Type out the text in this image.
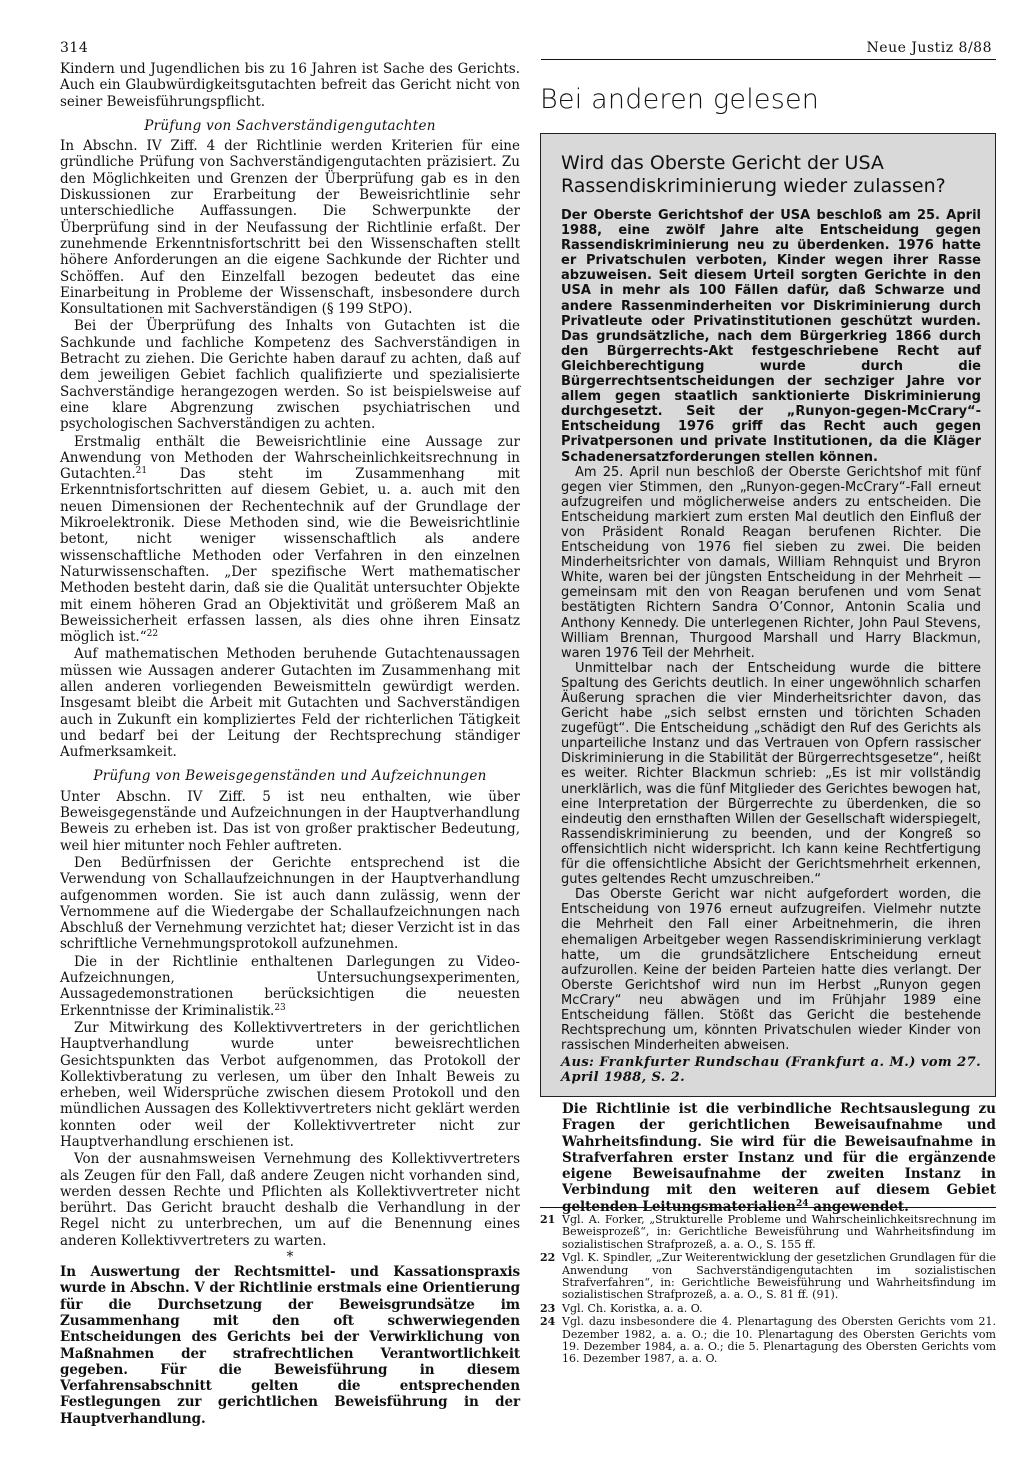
314	Neue Justiz 8/88

Kindern und Jugendlichen bis zu 16 Jahren ist Sache des Gerichts. Auch ein Glaubwürdigkeitsgutachten befreit das Gericht nicht von seiner Beweisführungspflicht.

Prüfung von Sachverständigengutachten

In Abschn. IV Ziff. 4 der Richtlinie werden Kriterien für eine gründliche Prüfung von Sachverständigengutachten präzisiert. Zu den Möglichkeiten und Grenzen der Überprüfung gab es in den Diskussionen zur Erarbeitung der Beweisrichtlinie sehr unterschiedliche Auffassungen. Die Schwerpunkte der Überprüfung sind in der Neufassung der Richtlinie erfaßt. Der zunehmende Erkenntnisfortschritt bei den Wissenschaften stellt höhere Anforderungen an die eigene Sachkunde der Richter und Schöffen. Auf den Einzelfall bezogen bedeutet das eine Einarbeitung in Probleme der Wissenschaft, insbesondere durch Konsultationen mit Sachverständigen (§ 199 StPO).

Bei der Überprüfung des Inhalts von Gutachten ist die Sachkunde und fachliche Kompetenz des Sachverständigen in Betracht zu ziehen. Die Gerichte haben darauf zu achten, daß auf dem jeweiligen Gebiet fachlich qualifizierte und spezialisierte Sachverständige herangezogen werden. So ist beispielsweise auf eine klare Abgrenzung zwischen psychiatrischen und psychologischen Sachverständigen zu achten.

Erstmalig enthält die Beweisrichtlinie eine Aussage zur Anwendung von Methoden der Wahrscheinlichkeitsrechnung in Gutachten.$^{21}$ Das steht im Zusammenhang mit Erkenntnisfortschritten auf diesem Gebiet, u. a. auch mit den neuen Dimensionen der Rechentechnik auf der Grundlage der Mikroelektronik. Diese Methoden sind, wie die Beweisrichtlinie betont, nicht weniger wissenschaftlich als andere wissenschaftliche Methoden oder Verfahren in den einzelnen Naturwissenschaften. „Der spezifische Wert mathematischer Methoden besteht darin, daß sie die Qualität untersuchter Objekte mit einem höheren Grad an Objektivität und größerem Maß an Beweissicherheit erfassen lassen, als dies ohne ihren Einsatz möglich ist.“$^{22}$

Auf mathematischen Methoden beruhende Gutachtenaussagen müssen wie Aussagen anderer Gutachten im Zusammenhang mit allen anderen vorliegenden Beweismitteln gewürdigt werden. Insgesamt bleibt die Arbeit mit Gutachten und Sachverständigen auch in Zukunft ein kompliziertes Feld der richterlichen Tätigkeit und bedarf bei der Leitung der Rechtsprechung ständiger Aufmerksamkeit.

Prüfung von Beweisgegenständen und Aufzeichnungen

Unter Abschn. IV Ziff. 5 ist neu enthalten, wie über Beweisgegenstände und Aufzeichnungen in der Hauptverhandlung Beweis zu erheben ist. Das ist von großer praktischer Bedeutung, weil hier mitunter noch Fehler auftreten.

Den Bedürfnissen der Gerichte entsprechend ist die Verwendung von Schallaufzeichnungen in der Hauptverhandlung aufgenommen worden. Sie ist auch dann zulässig, wenn der Vernommene auf die Wiedergabe der Schallaufzeichnungen nach Abschluß der Vernehmung verzichtet hat; dieser Verzicht ist in das schriftliche Vernehmungsprotokoll aufzunehmen.

Die in der Richtlinie enthaltenen Darlegungen zu Video-Aufzeichnungen, Untersuchungsexperimenten, Aussagedemonstrationen berücksichtigen die neuesten Erkenntnisse der Kriminalistik.$^{23}$

Zur Mitwirkung des Kollektivvertreters in der gerichtlichen Hauptverhandlung wurde unter beweisrechtlichen Gesichtspunkten das Verbot aufgenommen, das Protokoll der Kollektivberatung zu verlesen, um über den Inhalt Beweis zu erheben, weil Widersprüche zwischen diesem Protokoll und den mündlichen Aussagen des Kollektivvertreters nicht geklärt werden konnten oder weil der Kollektivvertreter nicht zur Hauptverhandlung erschienen ist.

Von der ausnahmsweisen Vernehmung des Kollektivvertreters als Zeugen für den Fall, daß andere Zeugen nicht vorhanden sind, werden dessen Rechte und Pflichten als Kollektivvertreter nicht berührt. Das Gericht braucht deshalb die Verhandlung in der Regel nicht zu unterbrechen, um auf die Benennung eines anderen Kollektivvertreters zu warten.

*

In Auswertung der Rechtsmittel- und Kassationspraxis wurde in Abschn. V der Richtlinie erstmals eine Orientierung für die Durchsetzung der Beweisgrundsätze im Zusammenhang mit den oft schwerwiegenden Entscheidungen des Gerichts bei der Verwirklichung von Maßnahmen der strafrechtlichen Verantwortlichkeit gegeben. Für die Beweisführung in diesem Verfahrensabschnitt gelten die entsprechenden Festlegungen zur gerichtlichen Beweisführung in der Hauptverhandlung.

Bei anderen gelesen
Wird das Oberste Gericht der USA
Rassendiskriminierung wieder zulassen?

Der Oberste Gerichtshof der USA beschloß am 25. April 1988, eine zwölf Jahre alte Entscheidung gegen Rassendiskriminierung neu zu überdenken. 1976 hatte er Privatschulen verboten, Kinder wegen ihrer Rasse abzuweisen. Seit diesem Urteil sorgten Gerichte in den USA in mehr als 100 Fällen dafür, daß Schwarze und andere Rassenminderheiten vor Diskriminierung durch Privatleute oder Privatinstitutionen geschützt wurden. Das grundsätzliche, nach dem Bürgerkrieg 1866 durch den Bürgerrechts-Akt festgeschriebene Recht auf Gleichberechtigung wurde durch die Bürgerrechtsentscheidungen der sechziger Jahre vor allem gegen staatlich sanktionierte Diskriminierung durchgesetzt. Seit der „Runyon-gegen-McCrary“-Entscheidung 1976 griff das Recht auch gegen Privatpersonen und private Institutionen, da die Kläger Schadenersatzforderungen stellen können.

Am 25. April nun beschloß der Oberste Gerichtshof mit fünf gegen vier Stimmen, den „Runyon-gegen-McCrary“-Fall erneut aufzugreifen und möglicherweise anders zu entscheiden. Die Entscheidung markiert zum ersten Mal deutlich den Einfluß der von Präsident Ronald Reagan berufenen Richter. Die Entscheidung von 1976 fiel sieben zu zwei. Die beiden Minderheitsrichter von damals, William Rehnquist und Bryron White, waren bei der jüngsten Entscheidung in der Mehrheit — gemeinsam mit den von Reagan berufenen und vom Senat bestätigten Richtern Sandra O’Connor, Antonin Scalia und Anthony Kennedy. Die unterlegenen Richter, John Paul Stevens, William Brennan, Thurgood Marshall und Harry Blackmun, waren 1976 Teil der Mehrheit.

Unmittelbar nach der Entscheidung wurde die bittere Spaltung des Gerichts deutlich. In einer ungewöhnlich scharfen Äußerung sprachen die vier Minderheitsrichter davon, das Gericht habe „sich selbst ernsten und törichten Schaden zugefügt“. Die Entscheidung „schädigt den Ruf des Gerichts als unparteiliche Instanz und das Vertrauen von Opfern rassischer Diskriminierung in die Stabilität der Bürgerrechtsgesetze“, heißt es weiter. Richter Blackmun schrieb: „Es ist mir vollständig unerklärlich, was die fünf Mitglieder des Gerichtes bewogen hat, eine Interpretation der Bürgerrechte zu überdenken, die so eindeutig den ernsthaften Willen der Gesellschaft widerspiegelt, Rassendiskriminierung zu beenden, und der Kongreß so offensichtlich nicht widerspricht. Ich kann keine Rechtfertigung für die offensichtliche Absicht der Gerichtsmehrheit erkennen, gutes geltendes Recht umzuschreiben.“

Das Oberste Gericht war nicht aufgefordert worden, die Entscheidung von 1976 erneut aufzugreifen. Vielmehr nutzte die Mehrheit den Fall einer Arbeitnehmerin, die ihren ehemaligen Arbeitgeber wegen Rassendiskriminierung verklagt hatte, um die grundsätzlichere Entscheidung erneut aufzurollen. Keine der beiden Parteien hatte dies verlangt. Der Oberste Gerichtshof wird nun im Herbst „Runyon gegen McCrary“ neu abwägen und im Frühjahr 1989 eine Entscheidung fällen. Stößt das Gericht die bestehende Rechtsprechung um, könnten Privatschulen wieder Kinder von rassischen Minderheiten abweisen.

Aus: Frankfurter Rundschau (Frankfurt a. M.) vom 27. April 1988, S. 2.

Die Richtlinie ist die verbindliche Rechtsauslegung zu Fragen der gerichtlichen Beweisaufnahme und Wahrheitsfindung. Sie wird für die Beweisaufnahme in Strafverfahren erster Instanz und für die ergänzende eigene Beweisaufnahme der zweiten Instanz in Verbindung mit den weiteren auf diesem Gebiet geltenden Leitungsmaterialien$^{24}$ angewendet.

21 Vgl. A. Forker, „Strukturelle Probleme und Wahrscheinlichkeitsrechnung im Beweisprozeß“, in: Gerichtliche Beweisführung und Wahrheitsfindung im sozialistischen Strafprozeß, a. a. O., S. 155 ff.
22 Vgl. K. Spindler, „Zur Weiterentwicklung der gesetzlichen Grundlagen für die Anwendung von Sachverständigengutachten im sozialistischen Strafverfahren“, in: Gerichtliche Beweisführung und Wahrheitsfindung im sozialistischen Strafprozeß, a. a. O., S. 81 ff. (91).
23 Vgl. Ch. Koristka, a. a. O.
24 Vgl. dazu insbesondere die 4. Plenartagung des Obersten Gerichts vom 21. Dezember 1982, a. a. O.; die 10. Plenartagung des Obersten Gerichts vom 19. Dezember 1984, a. a. O.; die 5. Plenartagung des Obersten Gerichts vom 16. Dezember 1987, a. a. O.
